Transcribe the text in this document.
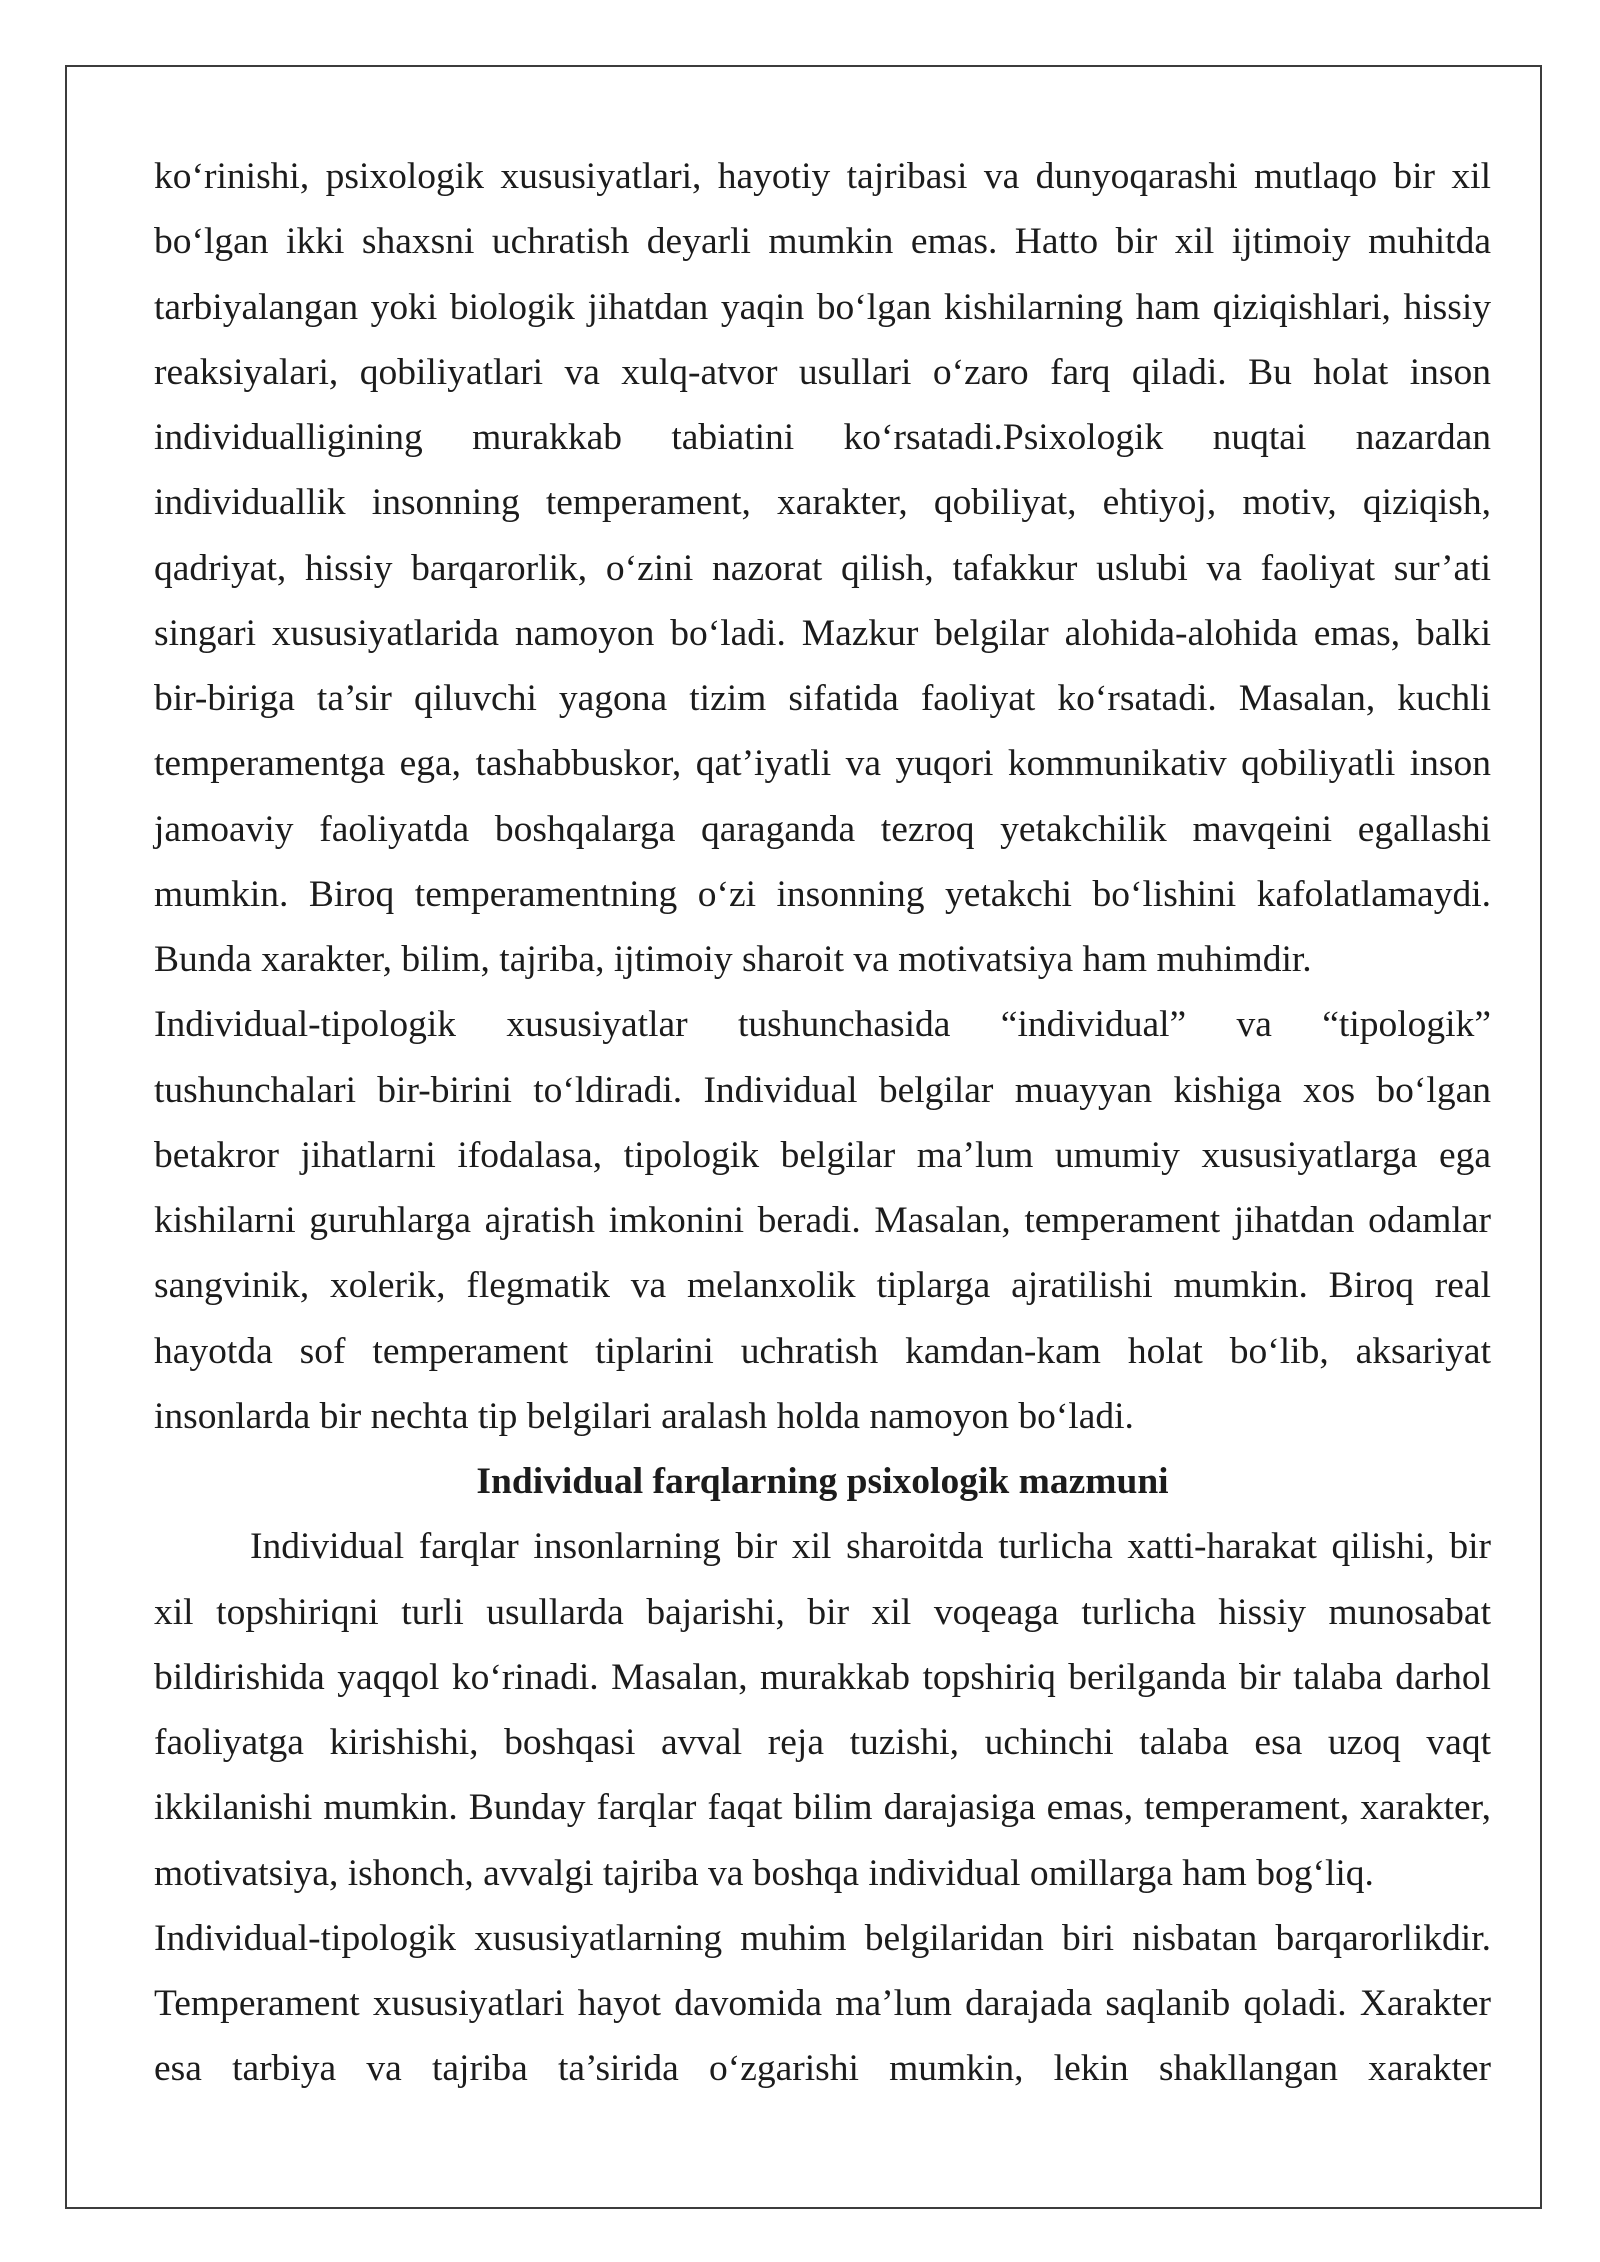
ko‘rinishi, psixologik xususiyatlari, hayotiy tajribasi va dunyoqarashi mutlaqo bir xil
bo‘lgan ikki shaxsni uchratish deyarli mumkin emas. Hatto bir xil ijtimoiy muhitda
tarbiyalangan yoki biologik jihatdan yaqin bo‘lgan kishilarning ham qiziqishlari, hissiy
reaksiyalari, qobiliyatlari va xulq-atvor usullari o‘zaro farq qiladi. Bu holat inson
individualligining murakkab tabiatini ko‘rsatadi.Psixologik nuqtai nazardan
individuallik insonning temperament, xarakter, qobiliyat, ehtiyoj, motiv, qiziqish,
qadriyat, hissiy barqarorlik, o‘zini nazorat qilish, tafakkur uslubi va faoliyat sur’ati
singari xususiyatlarida namoyon bo‘ladi. Mazkur belgilar alohida-alohida emas, balki
bir-biriga ta’sir qiluvchi yagona tizim sifatida faoliyat ko‘rsatadi. Masalan, kuchli
temperamentga ega, tashabbuskor, qat’iyatli va yuqori kommunikativ qobiliyatli inson
jamoaviy faoliyatda boshqalarga qaraganda tezroq yetakchilik mavqeini egallashi
mumkin. Biroq temperamentning o‘zi insonning yetakchi bo‘lishini kafolatlamaydi.
Bunda xarakter, bilim, tajriba, ijtimoiy sharoit va motivatsiya ham muhimdir.
Individual-tipologik xususiyatlar tushunchasida “individual” va “tipologik”
tushunchalari bir-birini to‘ldiradi. Individual belgilar muayyan kishiga xos bo‘lgan
betakror jihatlarni ifodalasa, tipologik belgilar ma’lum umumiy xususiyatlarga ega
kishilarni guruhlarga ajratish imkonini beradi. Masalan, temperament jihatdan odamlar
sangvinik, xolerik, flegmatik va melanxolik tiplarga ajratilishi mumkin. Biroq real
hayotda sof temperament tiplarini uchratish kamdan-kam holat bo‘lib, aksariyat
insonlarda bir nechta tip belgilari aralash holda namoyon bo‘ladi.
Individual farqlarning psixologik mazmuni
Individual farqlar insonlarning bir xil sharoitda turlicha xatti-harakat qilishi, bir
xil topshiriqni turli usullarda bajarishi, bir xil voqeaga turlicha hissiy munosabat
bildirishida yaqqol ko‘rinadi. Masalan, murakkab topshiriq berilganda bir talaba darhol
faoliyatga kirishishi, boshqasi avval reja tuzishi, uchinchi talaba esa uzoq vaqt
ikkilanishi mumkin. Bunday farqlar faqat bilim darajasiga emas, temperament, xarakter,
motivatsiya, ishonch, avvalgi tajriba va boshqa individual omillarga ham bog‘liq.
Individual-tipologik xususiyatlarning muhim belgilaridan biri nisbatan barqarorlikdir.
Temperament xususiyatlari hayot davomida ma’lum darajada saqlanib qoladi. Xarakter
esa tarbiya va tajriba ta’sirida o‘zgarishi mumkin, lekin shakllangan xarakter
